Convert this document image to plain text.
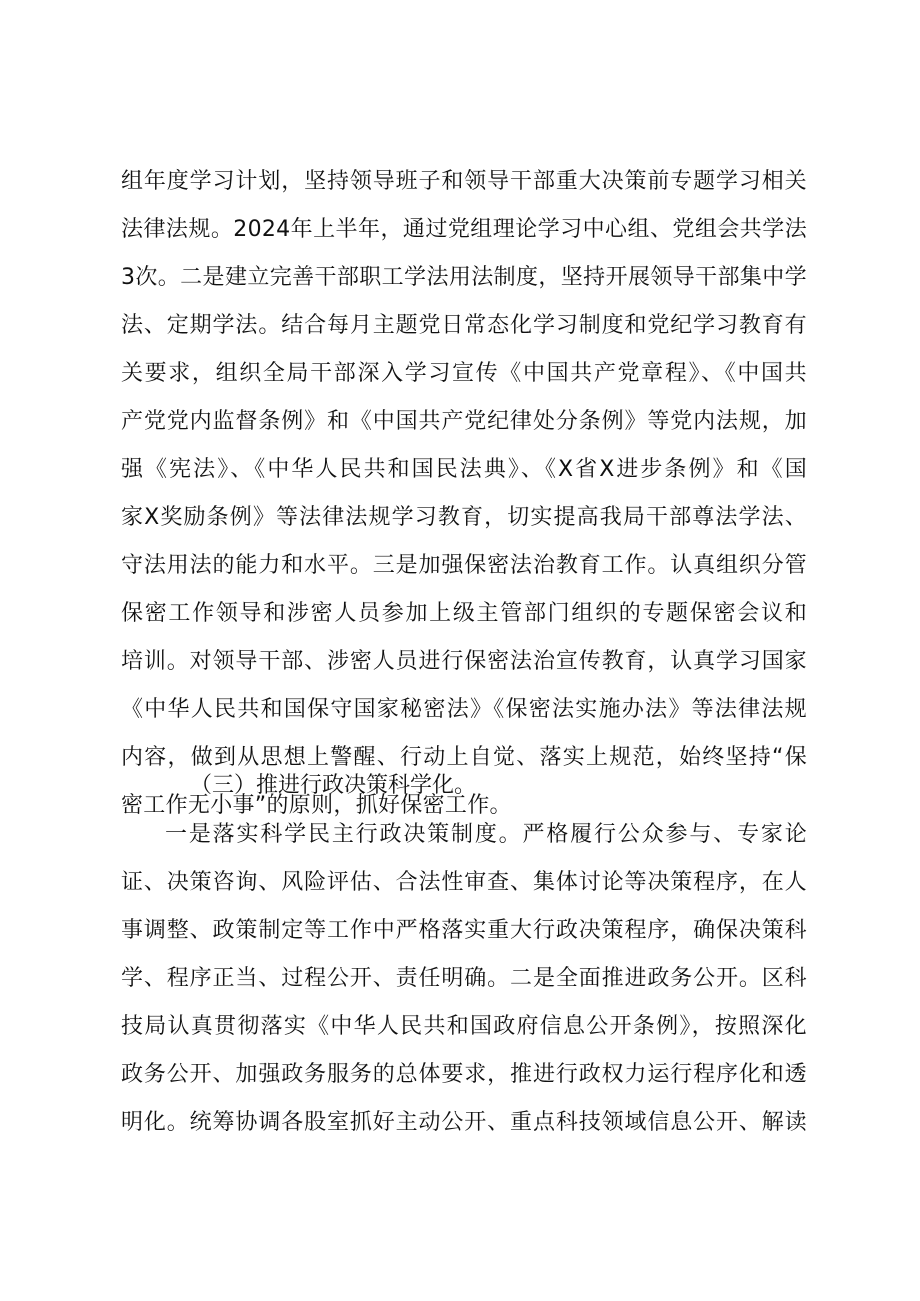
组年度学习计划，坚持领导班子和领导干部重大决策前专题学习相关
法律法规。2024年上半年，通过党组理论学习中心组、党组会共学法
3次。二是建立完善干部职工学法用法制度，坚持开展领导干部集中学
法、定期学法。结合每月主题党日常态化学习制度和党纪学习教育有
关要求，组织全局干部深入学习宣传《中国共产党章程》、《中国共
产党党内监督条例》和《中国共产党纪律处分条例》等党内法规，加
强《宪法》、《中华人民共和国民法典》、《X省X进步条例》和《国
家X奖励条例》等法律法规学习教育，切实提高我局干部尊法学法、
守法用法的能力和水平。三是加强保密法治教育工作。认真组织分管
保密工作领导和涉密人员参加上级主管部门组织的专题保密会议和
培训。对领导干部、涉密人员进行保密法治宣传教育，认真学习国家
《中华人民共和国保守国家秘密法》《保密法实施办法》等法律法规
内容，做到从思想上警醒、行动上自觉、落实上规范，始终坚持“保
密工作无小事”的原则，抓好保密工作。
（三）推进行政决策科学化。
一是落实科学民主行政决策制度。严格履行公众参与、专家论
证、决策咨询、风险评估、合法性审查、集体讨论等决策程序，在人
事调整、政策制定等工作中严格落实重大行政决策程序，确保决策科
学、程序正当、过程公开、责任明确。二是全面推进政务公开。区科
技局认真贯彻落实《中华人民共和国政府信息公开条例》，按照深化
政务公开、加强政务服务的总体要求，推进行政权力运行程序化和透
明化。统筹协调各股室抓好主动公开、重点科技领域信息公开、解读
